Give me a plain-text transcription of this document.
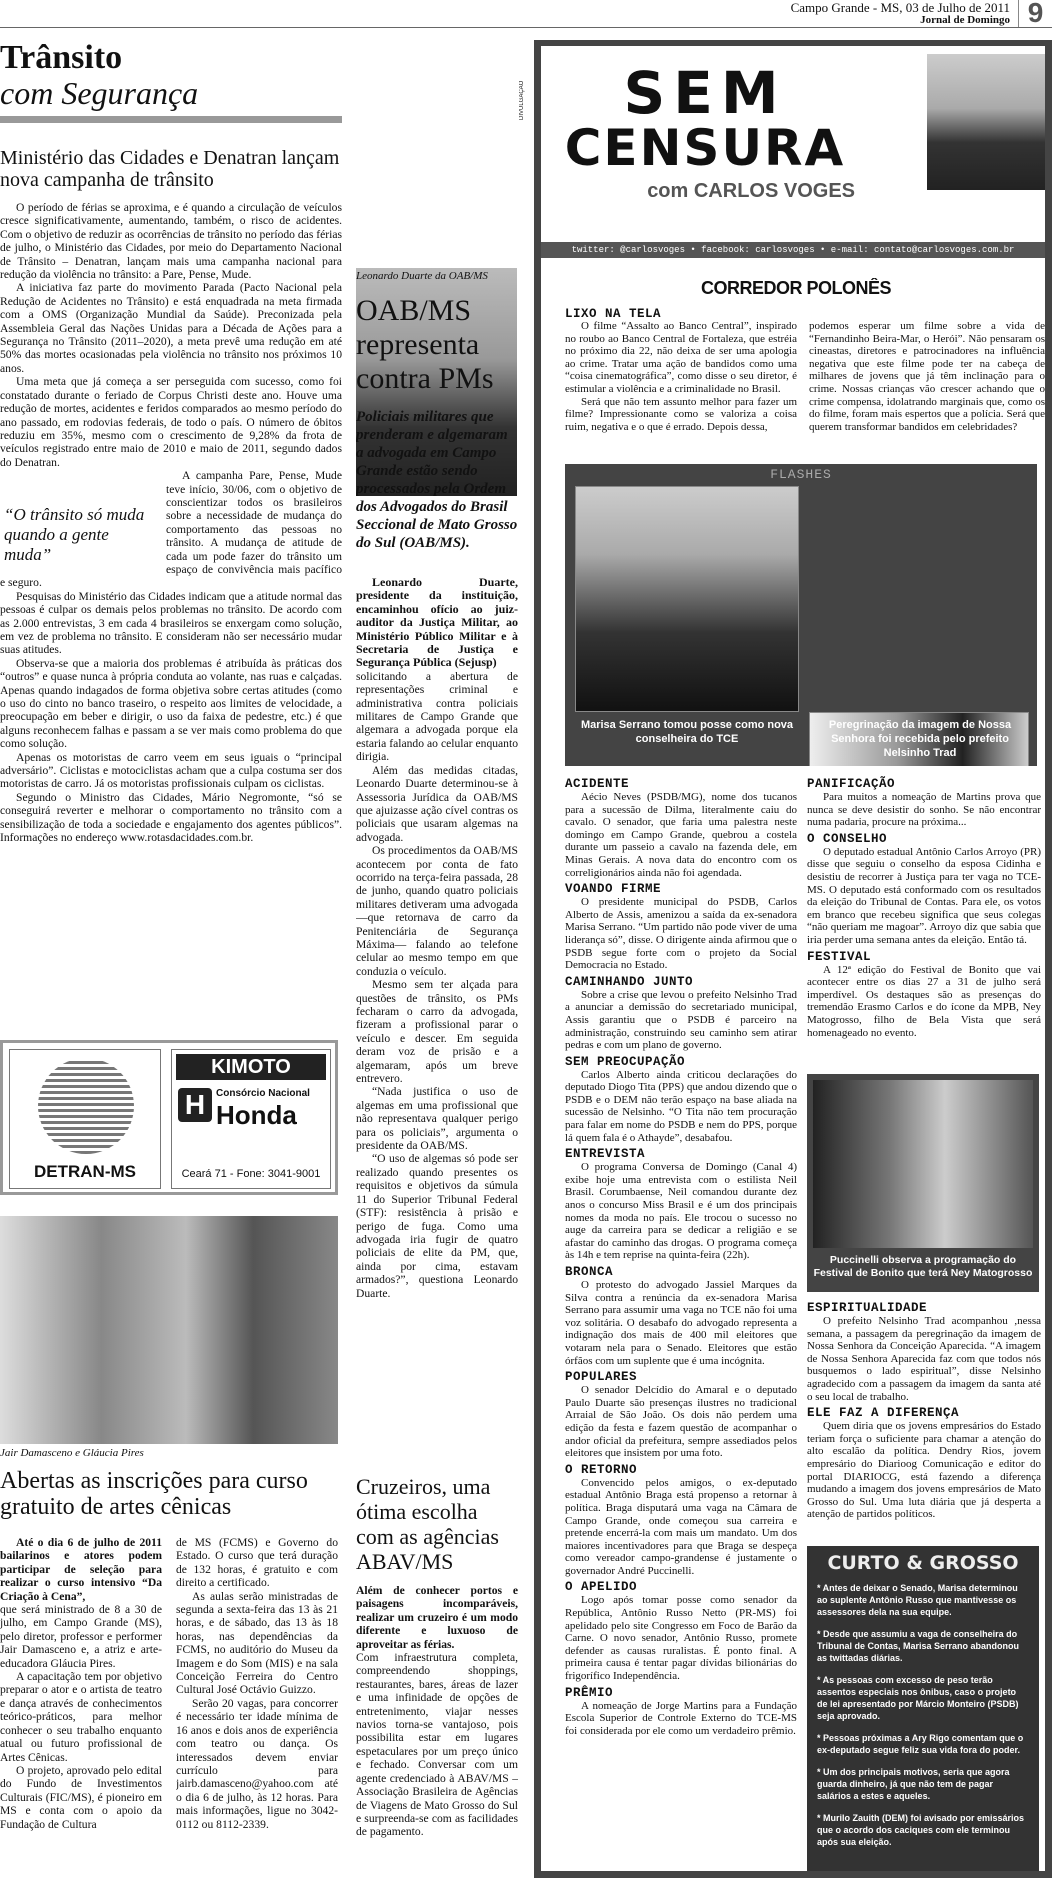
Campo Grande - MS, 03 de Julho de 2011
Jornal de Domingo 9
Trânsito
com Segurança
Ministério das Cidades e Denatran lançam nova campanha de trânsito

O período de férias se aproxima, e é quando a circulação de veículos cresce significativamente, aumentando, também, o risco de acidentes. Com o objetivo de reduzir as ocorrências de trânsito no período das férias de julho, o Ministério das Cidades, por meio do Departamento Nacional de Trânsito – Denatran, lançam mais uma campanha nacional para redução da violência no trânsito: a Pare, Pense, Mude.

A iniciativa faz parte do movimento Parada (Pacto Nacional pela Redução de Acidentes no Trânsito) e está enquadrada na meta firmada com a OMS (Organização Mundial da Saúde). Preconizada pela Assembleia Geral das Nações Unidas para a Década de Ações para a Segurança no Trânsito (2011–2020), a meta prevê uma redução em até 50% das mortes ocasionadas pela violência no trânsito nos próximos 10 anos.

Uma meta que já começa a ser perseguida com sucesso, como foi constatado durante o feriado de Corpus Christi deste ano. Houve uma redução de mortes, acidentes e feridos comparados ao mesmo período do ano passado, em rodovias federais, de todo o país. O número de óbitos reduziu em 35%, mesmo com o crescimento de 9,28% da frota de veículos registrado entre maio de 2010 e maio de 2011, segundo dados do Denatran.

“O trânsito só muda quando a gente muda”

A campanha Pare, Pense, Mude teve início, 30/06, com o objetivo de conscientizar todos os brasileiros sobre a necessidade de mudança do comportamento das pessoas no trânsito. A mudança de atitude de cada um pode fazer do trânsito um espaço de convivência mais pacífico e seguro.

Pesquisas do Ministério das Cidades indicam que a atitude normal das pessoas é culpar os demais pelos problemas no trânsito. De acordo com as 2.000 entrevistas, 3 em cada 4 brasileiros se enxergam como solução, em vez de problema no trânsito. E consideram não ser necessário mudar suas atitudes.

Observa-se que a maioria dos problemas é atribuída às práticas dos “outros” e quase nunca à própria conduta ao volante, nas ruas e calçadas. Apenas quando indagados de forma objetiva sobre certas atitudes (como o uso do cinto no banco traseiro, o respeito aos limites de velocidade, a preocupação em beber e dirigir, o uso da faixa de pedestre, etc.) é que alguns reconhecem falhas e passam a se ver mais como problema do que como solução.

Apenas os motoristas de carro veem em seus iguais o “principal adversário”. Ciclistas e motociclistas acham que a culpa costuma ser dos motoristas de carro. Já os motoristas profissionais culpam os ciclistas.

Segundo o Ministro das Cidades, Mário Negromonte, “só se conseguirá reverter e melhorar o comportamento no trânsito com a sensibilização de toda a sociedade e engajamento dos agentes públicos”. Informações no endereço www.rotasdacidades.com.br.

DETRAN-MS
KIMOTO
H	Consórcio Nacional
Honda
Ceará 71 - Fone: 3041-9001
Jair Damasceno e Gláucia Pires
Abertas as inscrições para curso gratuito de artes cênicas

Até o dia 6 de julho de 2011 bailarinos e atores podem participar de seleção para realizar o curso intensivo “Da Criação à Cena”,

que será ministrado de 8 a 30 de julho, em Campo Grande (MS), pelo diretor, professor e performer Jair Damasceno e, a atriz e arte-educadora Gláucia Pires.

A capacitação tem por objetivo preparar o ator e o artista de teatro e dança através de conhecimentos teórico-práticos, para melhor conhecer o seu trabalho enquanto atual ou futuro profissional de Artes Cênicas.

O projeto, aprovado pelo edital do Fundo de Investimentos Culturais (FIC/MS), é pioneiro em MS e conta com o apoio da Fundação de Cultura

de MS (FCMS) e Governo do Estado. O curso que terá duração de 132 horas, é gratuito e com direito a certificado.

As aulas serão ministradas de segunda a sexta-feira das 13 às 21 horas, e de sábado, das 13 às 18 horas, nas dependências da FCMS, no auditório do Museu da Imagem e do Som (MIS) e na sala Conceição Ferreira do Centro Cultural José Octávio Guizzo.

Serão 20 vagas, para concorrer é necessário ter idade mínima de 16 anos e dois anos de experiência com teatro ou dança. Os interessados devem enviar currículo para jairb.damasceno@yahoo.com até o dia 6 de julho, às 12 horas. Para mais informações, ligue no 3042-0112 ou 8112-2339.

DIVULGAÇÃO
Leonardo Duarte da OAB/MS
OAB/MS representa contra PMs
Policiais militares que prenderam e algemaram a advogada em Campo Grande estão sendo processados pela Ordem dos Advogados do Brasil Seccional de Mato Grosso do Sul (OAB/MS).

Leonardo Duarte, presidente da instituição, encaminhou ofício ao juiz-auditor da Justiça Militar, ao Ministério Público Militar e à Secretaria de Justiça e Segurança Pública (Sejusp)

solicitando a abertura de representações criminal e administrativa contra policiais militares de Campo Grande que algemara a advogada porque ela estaria falando ao celular enquanto dirigia.

Além das medidas citadas, Leonardo Duarte determinou-se à Assessoria Jurídica da OAB/MS que ajuizasse ação cível contras os policiais que usaram algemas na advogada.

Os procedimentos da OAB/MS acontecem por conta de fato ocorrido na terça-feira passada, 28 de junho, quando quatro policiais militares detiveram uma advogada —que retornava de carro da Penitenciária de Segurança Máxima— falando ao telefone celular ao mesmo tempo em que conduzia o veículo.

Mesmo sem ter alçada para questões de trânsito, os PMs fecharam o carro da advogada, fizeram a profissional parar o veículo e descer. Em seguida deram voz de prisão e a algemaram, após um breve entrevero.

“Nada justifica o uso de algemas em uma profissional que não representava qualquer perigo para os policiais”, argumenta o presidente da OAB/MS.

“O uso de algemas só pode ser realizado quando presentes os requisitos e objetivos da súmula 11 do Superior Tribunal Federal (STF): resistência à prisão e perigo de fuga. Como uma advogada iria fugir de quatro policiais de elite da PM, que, ainda por cima, estavam armados?”, questiona Leonardo Duarte.

Cruzeiros, uma ótima escolha com as agências ABAV/MS

Além de conhecer portos e paisagens incomparáveis, realizar um cruzeiro é um modo diferente e luxuoso de aproveitar as férias.

Com infraestrutura completa, compreendendo shoppings, restaurantes, bares, áreas de lazer e uma infinidade de opções de entretenimento, viajar nesses navios torna-se vantajoso, pois possibilita estar em lugares espetaculares por um preço único e fechado. Conversar com um agente credenciado à ABAV/MS – Associação Brasileira de Agências de Viagens de Mato Grosso do Sul e surpreenda-se com as facilidades de pagamento.

SEM
CENSURA
com CARLOS VOGES
twitter: @carlosvoges • facebook: carlosvoges • e-mail: contato@carlosvoges.com.br
CORREDOR POLONÊS
LIXO NA TELA

O filme “Assalto ao Banco Central”, inspirado no roubo ao Banco Central de Fortaleza, que estréia no próximo dia 22, não deixa de ser uma apologia ao crime. Tratar uma ação de bandidos como uma “coisa cinematográfica”, como disse o seu diretor, é estimular a violência e a criminalidade no Brasil.

Será que não tem assunto melhor para fazer um filme? Impressionante como se valoriza a coisa ruim, negativa e o que é errado. Depois dessa,

podemos esperar um filme sobre a vida de “Fernandinho Beira-Mar, o Herói”. Não pensaram os cineastas, diretores e patrocinadores na influência negativa que este filme pode ter na cabeça de milhares de jovens que já têm inclinação para o crime. Nossas crianças vão crescer achando que o crime compensa, idolatrando marginais que, como os do filme, foram mais espertos que a polícia. Será que querem transformar bandidos em celebridades?

FLASHES
Marisa Serrano tomou posse como nova conselheira do TCE
Peregrinação da imagem de Nossa Senhora foi recebida pelo prefeito Nelsinho Trad
ACIDENTE

Aécio Neves (PSDB/MG), nome dos tucanos para a sucessão de Dilma, literalmente caiu do cavalo. O senador, que faria uma palestra neste domingo em Campo Grande, quebrou a costela durante um passeio a cavalo na fazenda dele, em Minas Gerais. A nova data do encontro com os correligionários ainda não foi agendada.

VOANDO FIRME

O presidente municipal do PSDB, Carlos Alberto de Assis, amenizou a saída da ex-senadora Marisa Serrano. “Um partido não pode viver de uma liderança só”, disse. O dirigente ainda afirmou que o PSDB segue forte com o projeto da Social Democracia no Estado.

CAMINHANDO JUNTO

Sobre a crise que levou o prefeito Nelsinho Trad a anunciar a demissão do secretariado municipal, Assis garantiu que o PSDB é parceiro na administração, construindo seu caminho sem atirar pedras e com um plano de governo.

SEM PREOCUPAÇÃO

Carlos Alberto ainda criticou declarações do deputado Diogo Tita (PPS) que andou dizendo que o PSDB e o DEM não terão espaço na base aliada na sucessão de Nelsinho. “O Tita não tem procuração para falar em nome do PSDB e nem do PPS, porque lá quem fala é o Athayde”, desabafou.

ENTREVISTA

O programa Conversa de Domingo (Canal 4) exibe hoje uma entrevista com o estilista Neil Brasil. Corumbaense, Neil comandou durante dez anos o concurso Miss Brasil e é um dos principais nomes da moda no país. Ele trocou o sucesso no auge da carreira para se dedicar a religião e se afastar do caminho das drogas. O programa começa às 14h e tem reprise na quinta-feira (22h).

BRONCA

O protesto do advogado Jassiel Marques da Silva contra a renúncia da ex-senadora Marisa Serrano para assumir uma vaga no TCE não foi uma voz solitária. O desabafo do advogado representa a indignação dos mais de 400 mil eleitores que votaram nela para o Senado. Eleitores que estão órfãos com um suplente que é uma incógnita.

POPULARES

O senador Delcídio do Amaral e o deputado Paulo Duarte são presenças ilustres no tradicional Arraial de São João. Os dois não perdem uma edição da festa e fazem questão de acompanhar o andor oficial da prefeitura, sempre assediados pelos eleitores que insistem por uma foto.

O RETORNO

Convencido pelos amigos, o ex-deputado estadual Antônio Braga está propenso a retornar à política. Braga disputará uma vaga na Câmara de Campo Grande, onde começou sua carreira e pretende encerrá-la com mais um mandato. Um dos maiores incentivadores para que Braga se despeça como vereador campo-grandense é justamente o governador André Puccinelli.

O APELIDO

Logo após tomar posse como senador da República, Antônio Russo Netto (PR-MS) foi apelidado pelo site Congresso em Foco de Barão da Carne. O novo senador, Antônio Russo, promete defender as causas ruralistas. É ponto final. A primeira causa é tentar pagar dívidas bilionárias do frigorífico Independência.

PRÊMIO

A nomeação de Jorge Martins para a Fundação Escola Superior de Controle Externo do TCE-MS foi considerada por ele como um verdadeiro prêmio.

PANIFICAÇÃO

Para muitos a nomeação de Martins prova que nunca se deve desistir do sonho. Se não encontrar numa padaria, procure na próxima...

O CONSELHO

O deputado estadual Antônio Carlos Arroyo (PR) disse que seguiu o conselho da esposa Cidinha e desistiu de recorrer à Justiça para ter vaga no TCE-MS. O deputado está conformado com os resultados da eleição do Tribunal de Contas. Para ele, os votos em branco que recebeu significa que seus colegas “não queriam me magoar”. Arroyo diz que sabia que iria perder uma semana antes da eleição. Então tá.

FESTIVAL

A 12ª edição do Festival de Bonito que vai acontecer entre os dias 27 a 31 de julho será imperdível. Os destaques são as presenças do tremendão Erasmo Carlos e do ícone da MPB, Ney Matogrosso, filho de Bela Vista que será homenageado no evento.

Puccinelli observa a programação do Festival de Bonito que terá Ney Matogrosso
ESPIRITUALIDADE

O prefeito Nelsinho Trad acompanhou ,nessa semana, a passagem da peregrinação da imagem de Nossa Senhora da Conceição Aparecida. “A imagem de Nossa Senhora Aparecida faz com que todos nós busquemos o lado espiritual”, disse Nelsinho agradecido com a passagem da imagem da santa até o seu local de trabalho.

ELE FAZ A DIFERENÇA

Quem diria que os jovens empresários do Estado teriam força o suficiente para chamar a atenção do alto escalão da política. Dendry Rios, jovem empresário do Diarioog Comunicação e editor do portal DIARIOCG, está fazendo a diferença mudando a imagem dos jovens empresários de Mato Grosso do Sul. Uma luta diária que já desperta a atenção de partidos políticos.

CURTO & GROSSO
* Antes de deixar o Senado, Marisa determinou ao suplente Antônio Russo que mantivesse os assessores dela na sua equipe.
* Desde que assumiu a vaga de conselheira do Tribunal de Contas, Marisa Serrano abandonou as twittadas diárias.
* As pessoas com excesso de peso terão assentos especiais nos ônibus, caso o projeto de lei apresentado por Márcio Monteiro (PSDB) seja aprovado.
* Pessoas próximas a Ary Rigo comentam que o ex-deputado segue feliz sua vida fora do poder.
* Um dos principais motivos, seria que agora guarda dinheiro, já que não tem de pagar salários a estes e aqueles.
* Murilo Zauith (DEM) foi avisado por emissários que o acordo dos caciques com ele terminou após sua eleição.
